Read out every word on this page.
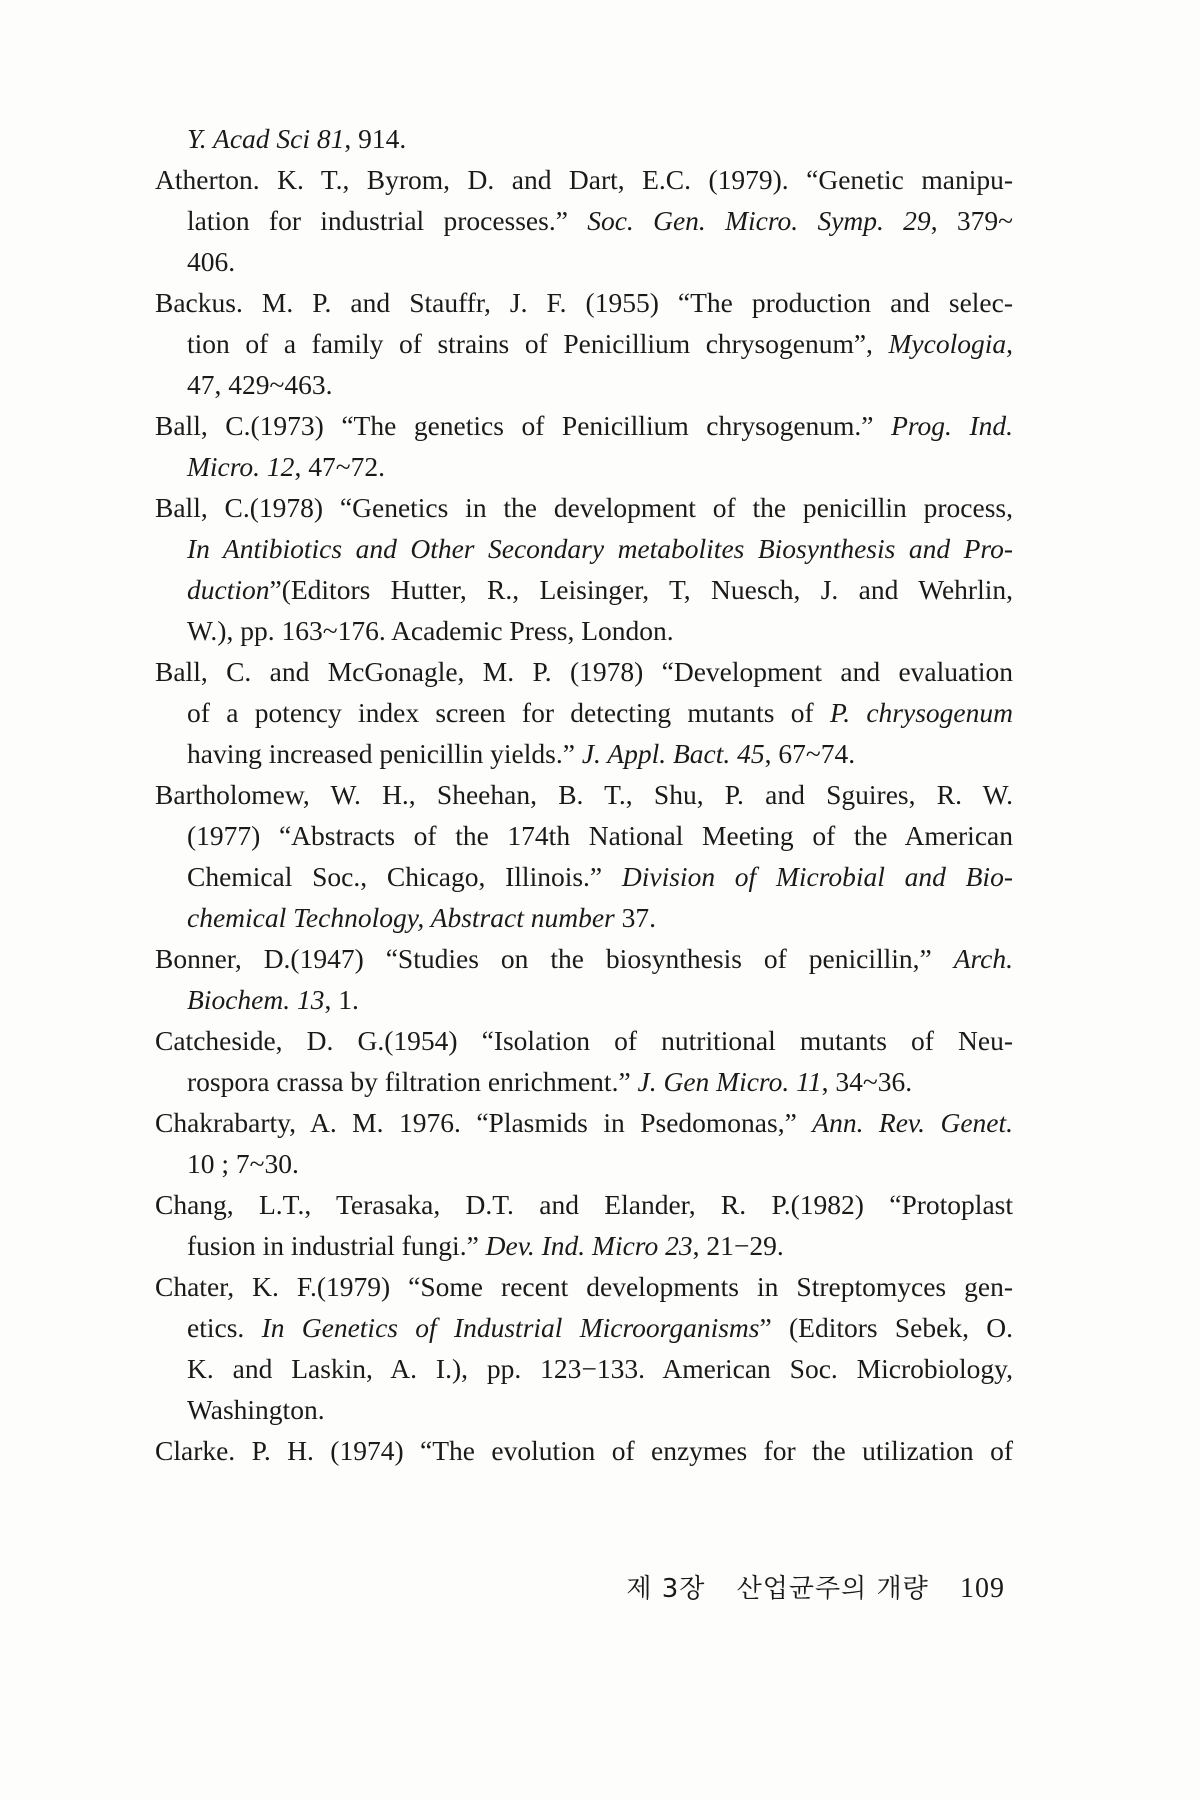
Y. Acad Sci 81, 914.
Atherton. K. T., Byrom, D. and Dart, E.C. (1979). “Genetic manipu-
lation for industrial processes.” Soc. Gen. Micro. Symp. 29, 379~
406.
Backus. M. P. and Stauffr, J. F. (1955) “The production and selec-
tion of a family of strains of Penicillium chrysogenum”, Mycologia,
47, 429~463.
Ball, C.(1973) “The genetics of Penicillium chrysogenum.” Prog. Ind.
Micro. 12, 47~72.
Ball, C.(1978) “Genetics in the development of the penicillin process,
In Antibiotics and Other Secondary metabolites Biosynthesis and Pro-
duction”(Editors Hutter, R., Leisinger, T, Nuesch, J. and Wehrlin,
W.), pp. 163~176. Academic Press, London.
Ball, C. and McGonagle, M. P. (1978) “Development and evaluation
of a potency index screen for detecting mutants of P. chrysogenum
having increased penicillin yields.” J. Appl. Bact. 45, 67~74.
Bartholomew, W. H., Sheehan, B. T., Shu, P. and Sguires, R. W.
(1977) “Abstracts of the 174th National Meeting of the American
Chemical Soc., Chicago, Illinois.” Division of Microbial and Bio-
chemical Technology, Abstract number 37.
Bonner, D.(1947) “Studies on the biosynthesis of penicillin,” Arch.
Biochem. 13, 1.
Catcheside, D. G.(1954) “Isolation of nutritional mutants of Neu-
rospora crassa by filtration enrichment.” J. Gen Micro. 11, 34~36.
Chakrabarty, A. M. 1976. “Plasmids in Psedomonas,” Ann. Rev. Genet.
10 ; 7~30.
Chang, L.T., Terasaka, D.T. and Elander, R. P.(1982) “Protoplast
fusion in industrial fungi.” Dev. Ind. Micro 23, 21−29.
Chater, K. F.(1979) “Some recent developments in Streptomyces gen-
etics. In Genetics of Industrial Microorganisms” (Editors Sebek, O.
K. and Laskin, A. I.), pp. 123−133. American Soc. Microbiology,
Washington.
Clarke. P. H. (1974) “The evolution of enzymes for the utilization of
제 3장 산업균주의 개량 109
